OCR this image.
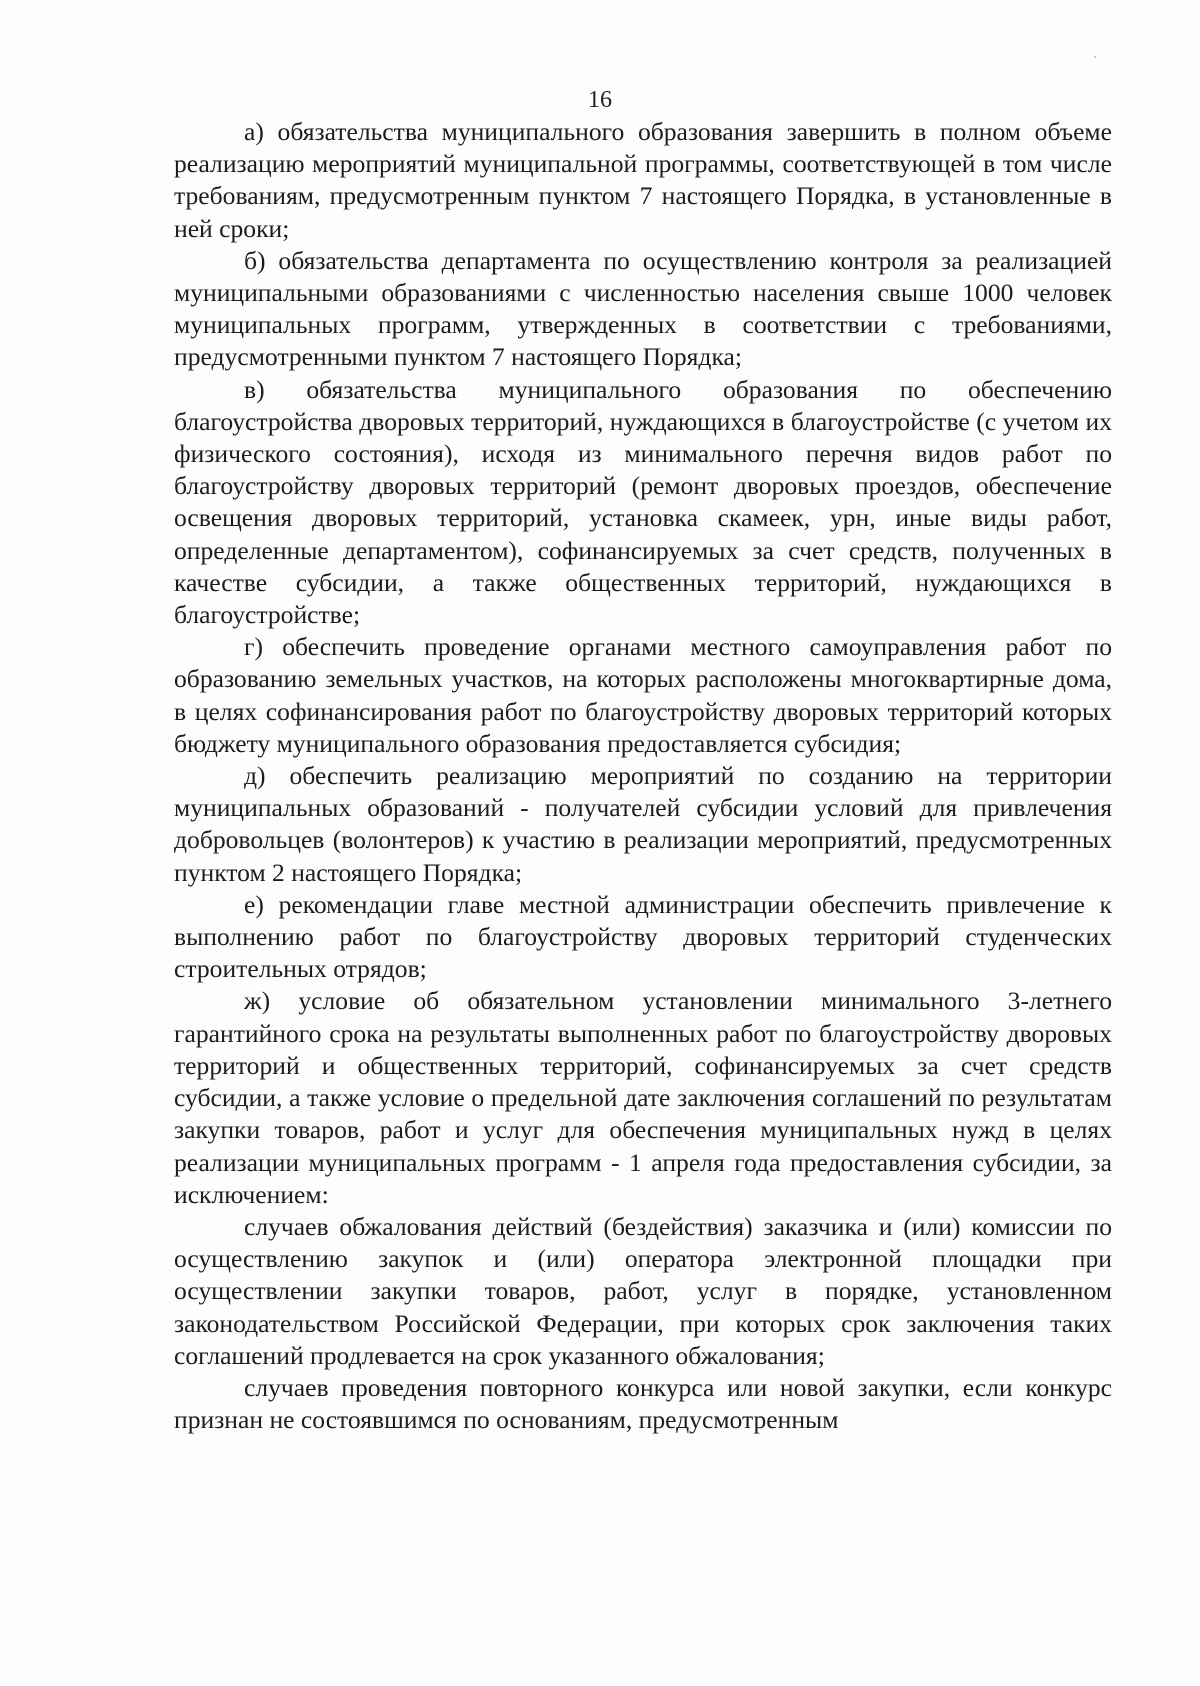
16

а) обязательства муниципального образования завершить в полном объеме реализацию мероприятий муниципальной программы, соответствующей в том числе требованиям, предусмотренным пунктом 7 настоящего Порядка, в установленные в ней сроки;

б) обязательства департамента по осуществлению контроля за реализацией муниципальными образованиями с численностью населения свыше 1000 человек муниципальных программ, утвержденных в соответствии с требованиями, предусмотренными пунктом 7 настоящего Порядка;

в) обязательства муниципального образования по обеспечению благоустройства дворовых территорий, нуждающихся в благоустройстве (с учетом их физического состояния), исходя из минимального перечня видов работ по благоустройству дворовых территорий (ремонт дворовых проездов, обеспечение освещения дворовых территорий, установка скамеек, урн, иные виды работ, определенные департаментом), софинансируемых за счет средств, полученных в качестве субсидии, а также общественных территорий, нуждающихся в благоустройстве;

г) обеспечить проведение органами местного самоуправления работ по образованию земельных участков, на которых расположены многоквартирные дома, в целях софинансирования работ по благоустройству дворовых территорий которых бюджету муниципального образования предоставляется субсидия;

д) обеспечить реализацию мероприятий по созданию на территории муниципальных образований - получателей субсидии условий для привлечения добровольцев (волонтеров) к участию в реализации мероприятий, предусмотренных пунктом 2 настоящего Порядка;

е) рекомендации главе местной администрации обеспечить привлечение к выполнению работ по благоустройству дворовых территорий студенческих строительных отрядов;

ж) условие об обязательном установлении минимального 3-летнего гарантийного срока на результаты выполненных работ по благоустройству дворовых территорий и общественных территорий, софинансируемых за счет средств субсидии, а также условие о предельной дате заключения соглашений по результатам закупки товаров, работ и услуг для обеспечения муниципальных нужд в целях реализации муниципальных программ - 1 апреля года предоставления субсидии, за исключением:

случаев обжалования действий (бездействия) заказчика и (или) комиссии по осуществлению закупок и (или) оператора электронной площадки при осуществлении закупки товаров, работ, услуг в порядке, установленном законодательством Российской Федерации, при которых срок заключения таких соглашений продлевается на срок указанного обжалования;

случаев проведения повторного конкурса или новой закупки, если конкурс признан не состоявшимся по основаниям, предусмотренным
